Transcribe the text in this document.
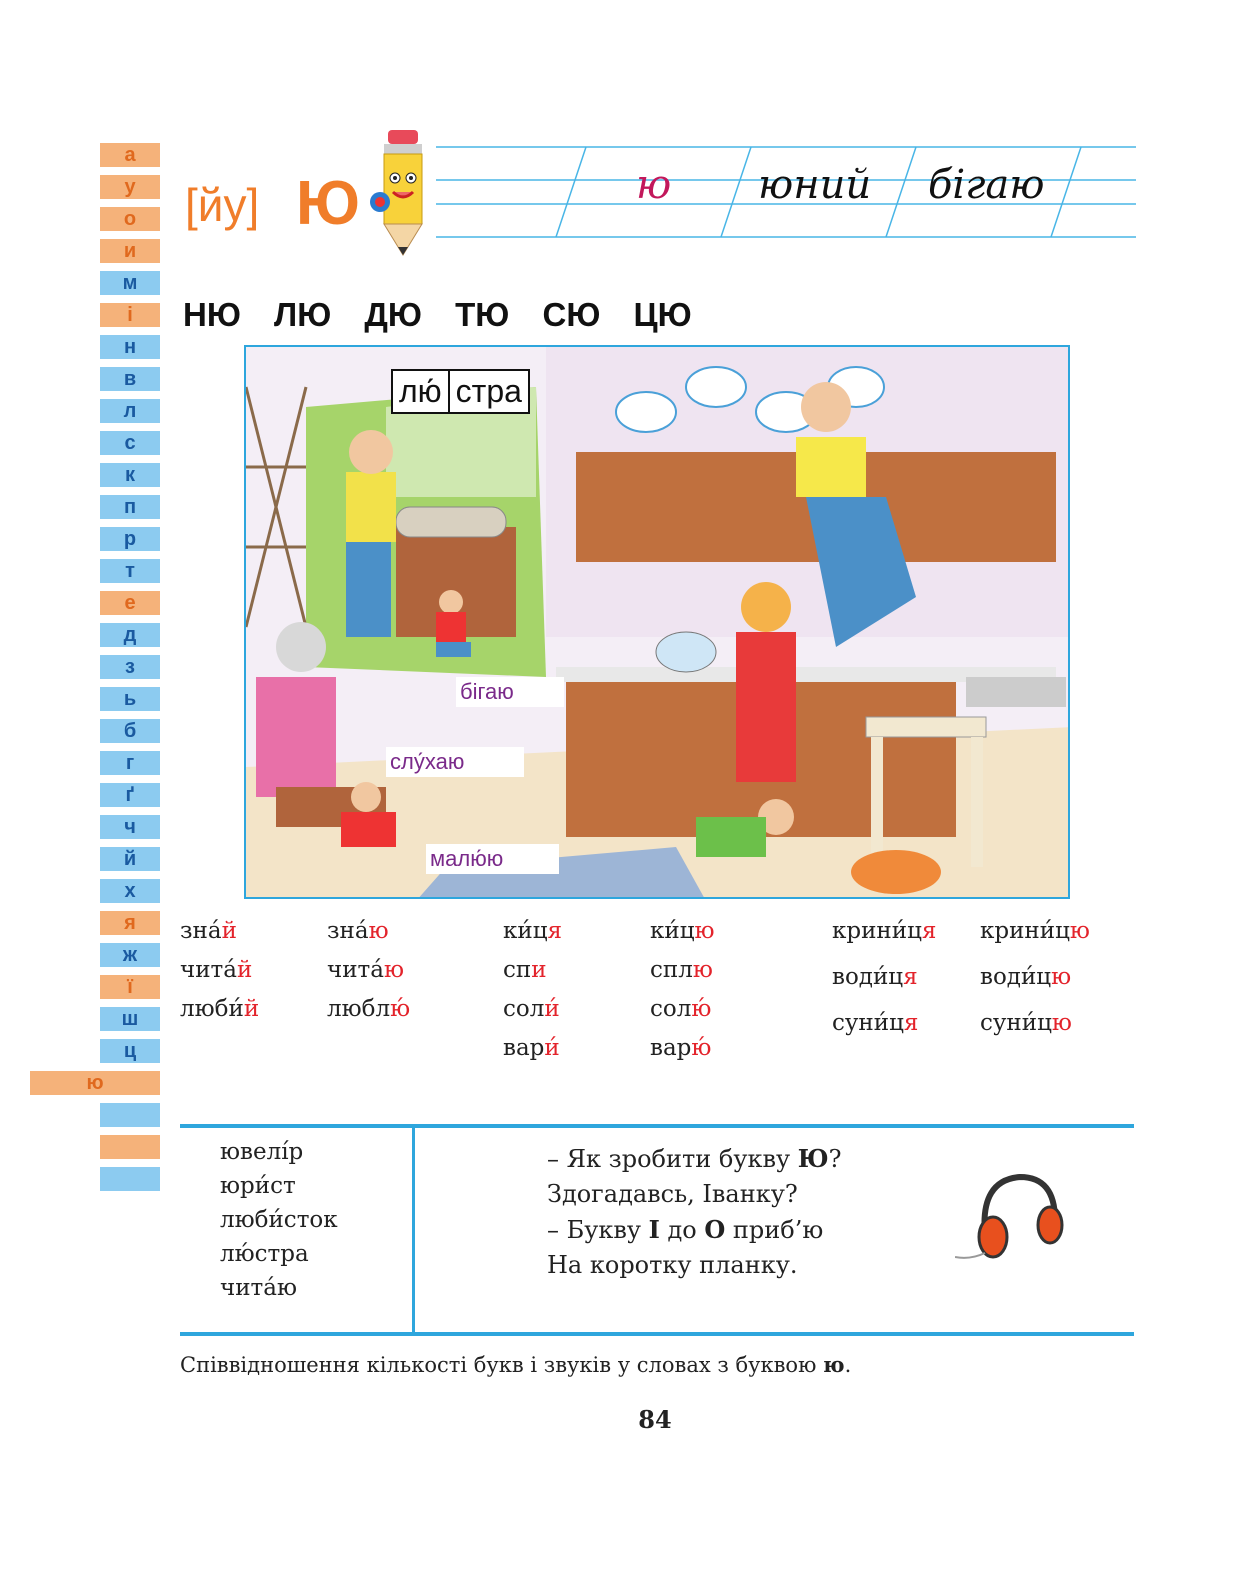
а
у
о
и
м
і
н
в
л
с
к
п
р
т
е
д
з
ь
б
г
ґ
ч
й
х
я
ж
ї
ш
ц
ю
[йу] Ю	ю юний бігаю
НЮ ЛЮ ДЮ ТЮ СЮ ЦЮ
лю́ стра
бігаю
слу́хаю
малю́ю
зна́й
чита́й
люби́й
зна́ю
чита́ю
люблю́
ки́ця
спи
соли́
вари́
ки́цю
сплю
солю́
варю́
крини́ця
води́ця
суни́ця
крини́цю
води́цю
суни́цю
ювелі́р
юри́ст
люби́сток
лю́стра
чита́ю
– Як зробити букву Ю?
Здогадавсь, Іванку?
– Букву І до О приб’ю
На коротку планку.
Співвідношення кількості букв і звуків у словах з буквою ю.
84
